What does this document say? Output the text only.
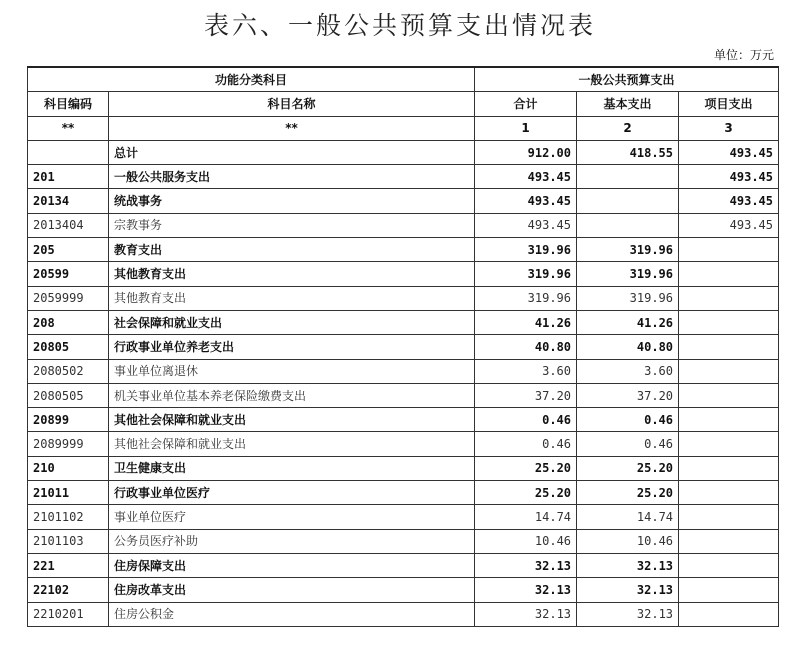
表六、一般公共预算支出情况表
单位：万元
功能分类科目		一般公共预算支出		
科目编码	科目名称	合计	基本支出	项目支出
**	**	1	2	3
	总计	912.00	418.55	493.45
201	一般公共服务支出	493.45		493.45
20134	统战事务	493.45		493.45
2013404	宗教事务	493.45		493.45
205	教育支出	319.96	319.96	
20599	其他教育支出	319.96	319.96	
2059999	其他教育支出	319.96	319.96	
208	社会保障和就业支出	41.26	41.26	
20805	行政事业单位养老支出	40.80	40.80	
2080502	事业单位离退休	3.60	3.60	
2080505	机关事业单位基本养老保险缴费支出	37.20	37.20	
20899	其他社会保障和就业支出	0.46	0.46	
2089999	其他社会保障和就业支出	0.46	0.46	
210	卫生健康支出	25.20	25.20	
21011	行政事业单位医疗	25.20	25.20	
2101102	事业单位医疗	14.74	14.74	
2101103	公务员医疗补助	10.46	10.46	
221	住房保障支出	32.13	32.13	
22102	住房改革支出	32.13	32.13	
2210201	住房公积金	32.13	32.13	
